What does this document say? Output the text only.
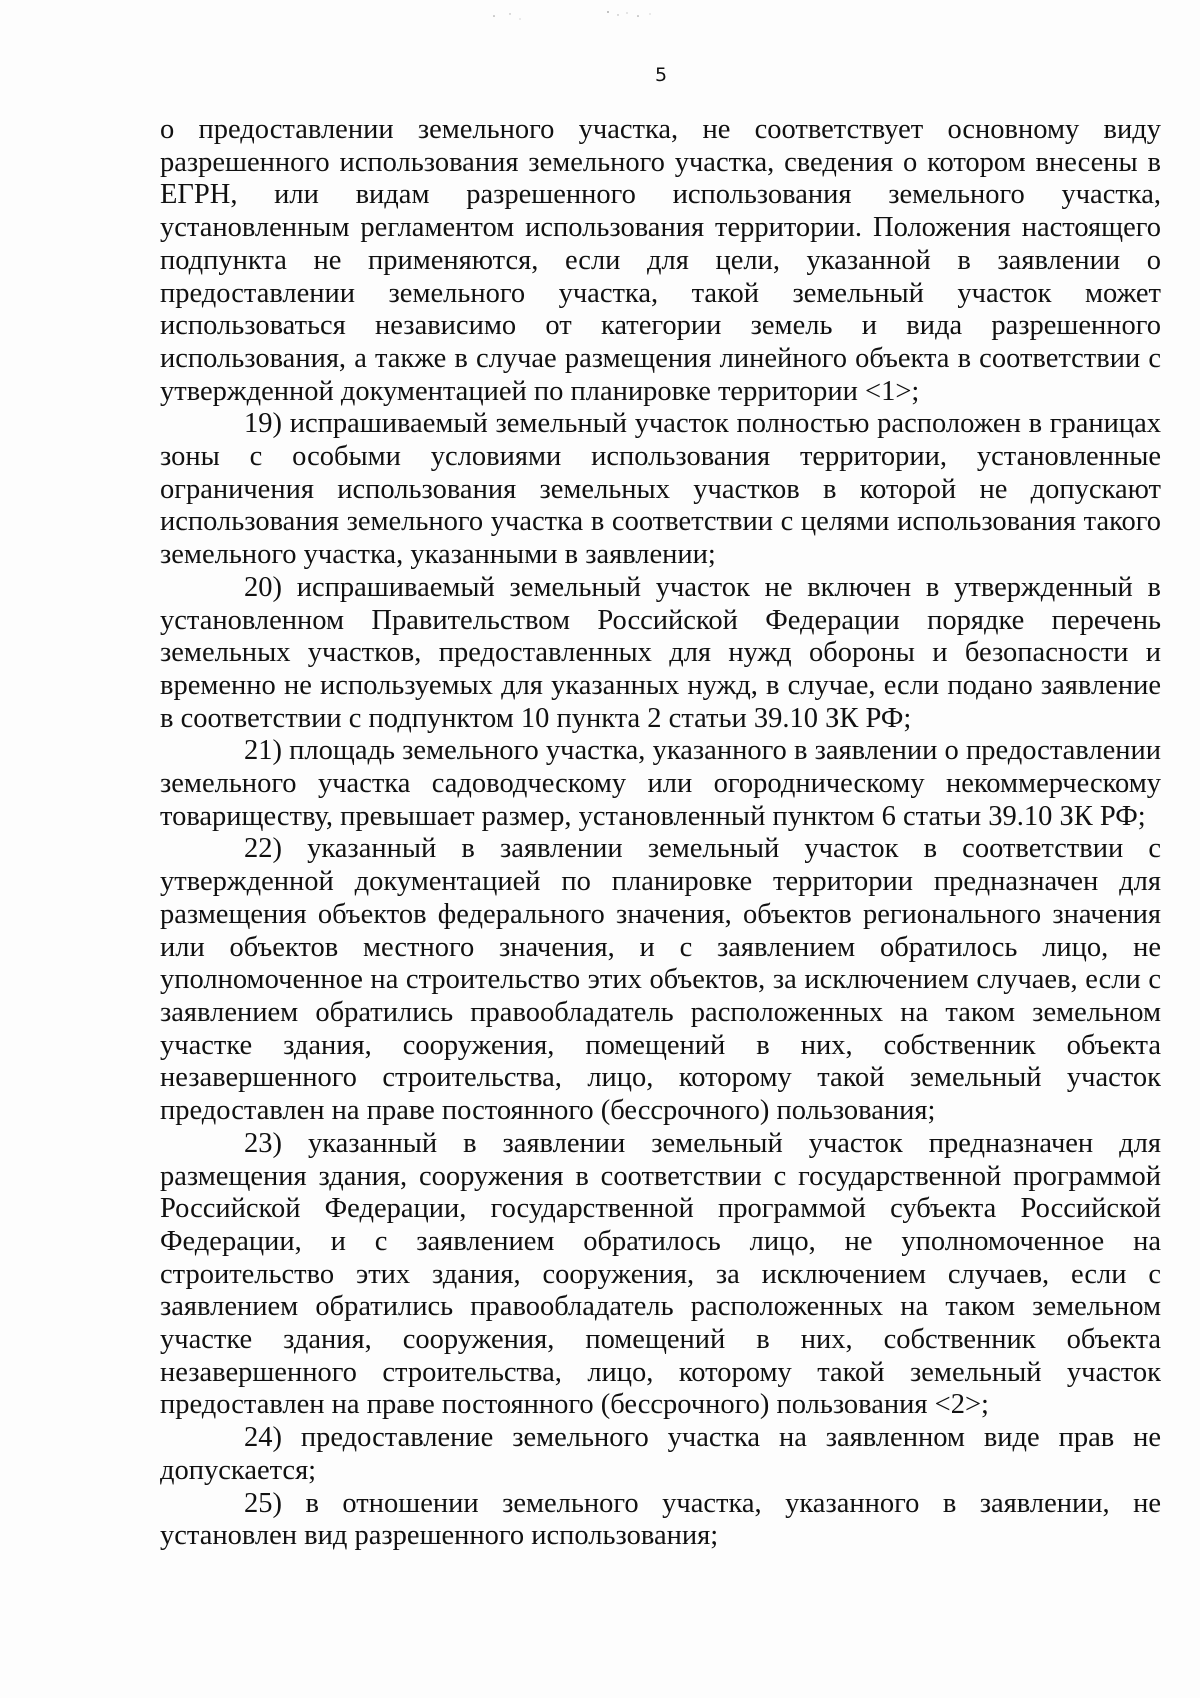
5

о предоставлении земельного участка, не соответствует основному виду разрешенного использования земельного участка, сведения о котором внесены в ЕГРН, или видам разрешенного использования земельного участка, установленным регламентом использования территории. Положения настоящего подпункта не применяются, если для цели, указанной в заявлении о предоставлении земельного участка, такой земельный участок может использоваться независимо от категории земель и вида разрешенного использования, а также в случае размещения линейного объекта в соответствии с утвержденной документацией по планировке территории <1>;

19) испрашиваемый земельный участок полностью расположен в границах зоны с особыми условиями использования территории, установленные ограничения использования земельных участков в которой не допускают использования земельного участка в соответствии с целями использования такого земельного участка, указанными в заявлении;

20) испрашиваемый земельный участок не включен в утвержденный в установленном Правительством Российской Федерации порядке перечень земельных участков, предоставленных для нужд обороны и безопасности и временно не используемых для указанных нужд, в случае, если подано заявление в соответствии с подпунктом 10 пункта 2 статьи 39.10 ЗК РФ;

21) площадь земельного участка, указанного в заявлении о предоставлении земельного участка садоводческому или огородническому некоммерческому товариществу, превышает размер, установленный пунктом 6 статьи 39.10 ЗК РФ;

22) указанный в заявлении земельный участок в соответствии с утвержденной документацией по планировке территории предназначен для размещения объектов федерального значения, объектов регионального значения или объектов местного значения, и с заявлением обратилось лицо, не уполномоченное на строительство этих объектов, за исключением случаев, если с заявлением обратились правообладатель расположенных на таком земельном участке здания, сооружения, помещений в них, собственник объекта незавершенного строительства, лицо, которому такой земельный участок предоставлен на праве постоянного (бессрочного) пользования;

23) указанный в заявлении земельный участок предназначен для размещения здания, сооружения в соответствии с государственной программой Российской Федерации, государственной программой субъекта Российской Федерации, и с заявлением обратилось лицо, не уполномоченное на строительство этих здания, сооружения, за исключением случаев, если с заявлением обратились правообладатель расположенных на таком земельном участке здания, сооружения, помещений в них, собственник объекта незавершенного строительства, лицо, которому такой земельный участок предоставлен на праве постоянного (бессрочного) пользования <2>;

24) предоставление земельного участка на заявленном виде прав не допускается;

25) в отношении земельного участка, указанного в заявлении, не установлен вид разрешенного использования;
